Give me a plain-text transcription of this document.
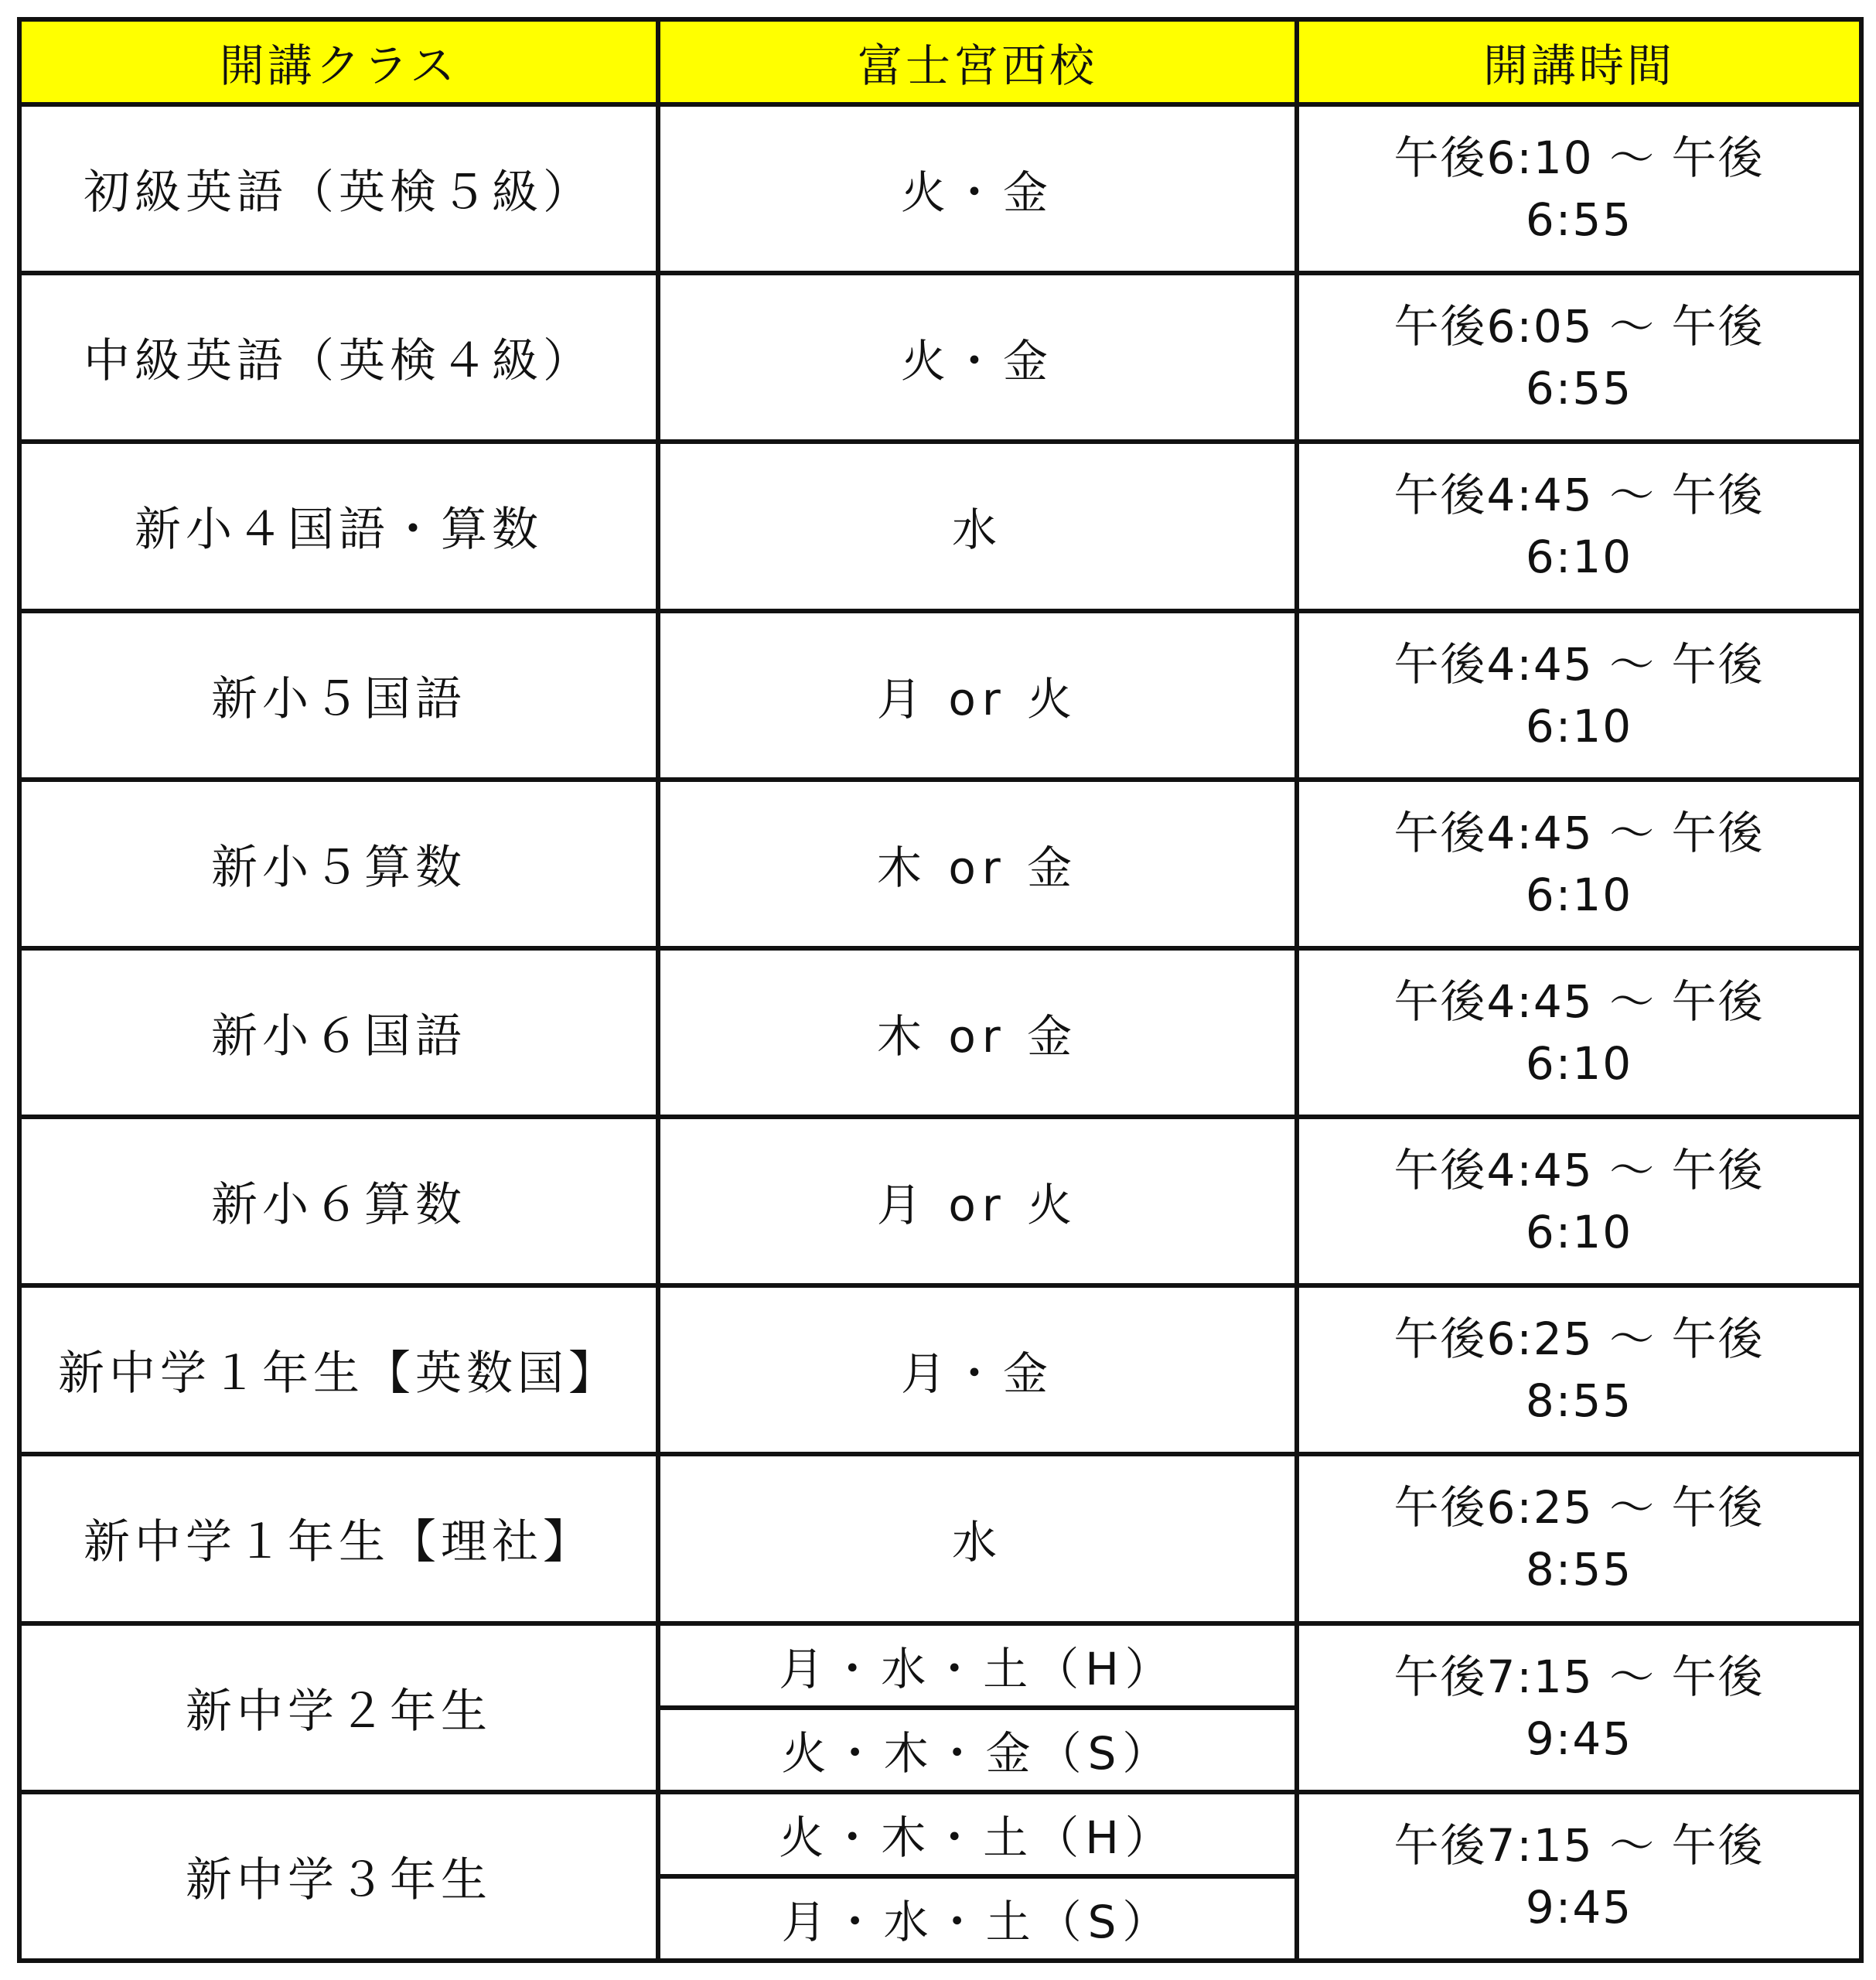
開講クラス	富士宮西校	開講時間
初級英語（英検５級）	火・金	午後6:10 ～ 午後
6:55

中級英語（英検４級）	火・金	午後6:05 ～ 午後
6:55

新小４国語・算数	水	午後4:45 ～ 午後
6:10

新小５国語	月 or 火	午後4:45 ～ 午後
6:10

新小５算数	木 or 金	午後4:45 ～ 午後
6:10

新小６国語	木 or 金	午後4:45 ～ 午後
6:10

新小６算数	月 or 火	午後4:45 ～ 午後
6:10

新中学１年生【英数国】	月・金	午後6:25 ～ 午後
8:55

新中学１年生【理社】	水	午後6:25 ～ 午後
8:55

新中学２年生	月・水・土（H）	午後7:15 ～ 午後
9:45

	火・木・金（S）	
新中学３年生	火・木・土（H）	午後7:15 ～ 午後
9:45

	月・水・土（S）	
